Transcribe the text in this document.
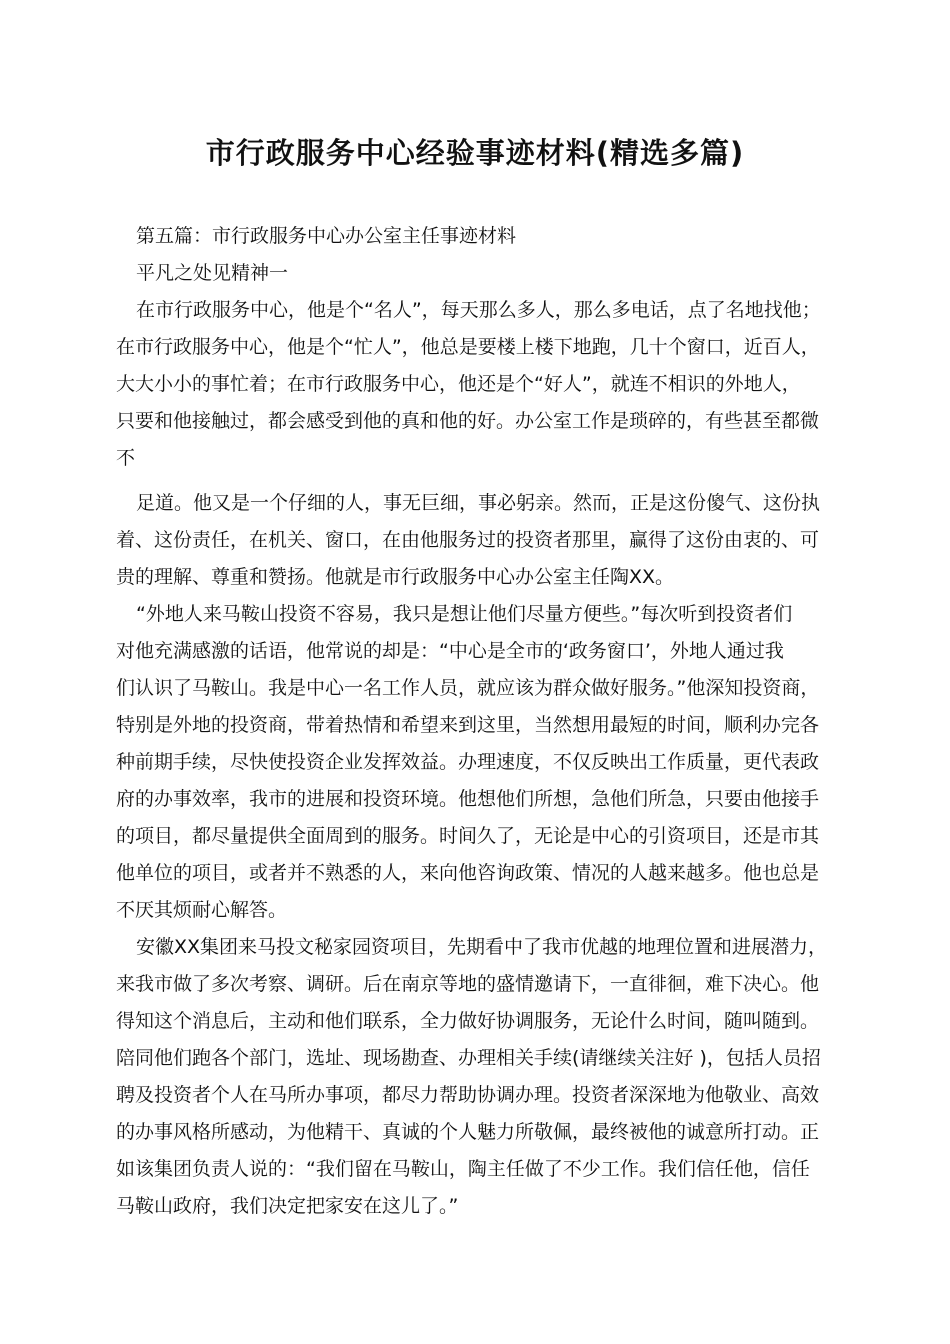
市行政服务中心经验事迹材料(精选多篇)

第五篇：市行政服务中心办公室主任事迹材料

平凡之处见精神一

在市行政服务中心，他是个“名人”，每天那么多人，那么多电话，点了名地找他；

在市行政服务中心，他是个“忙人”，他总是要楼上楼下地跑，几十个窗口，近百人，

大大小小的事忙着；在市行政服务中心，他还是个“好人”，就连不相识的外地人，

只要和他接触过，都会感受到他的真和他的好。办公室工作是琐碎的，有些甚至都微

不

足道。他又是一个仔细的人，事无巨细，事必躬亲。然而，正是这份傻气、这份执

着、这份责任，在机关、窗口，在由他服务过的投资者那里，赢得了这份由衷的、可

贵的理解、尊重和赞扬。他就是市行政服务中心办公室主任陶XX。

“外地人来马鞍山投资不容易，我只是想让他们尽量方便些。”每次听到投资者们

对他充满感激的话语，他常说的却是：“中心是全市的‘政务窗口’，外地人通过我

们认识了马鞍山。我是中心一名工作人员，就应该为群众做好服务。”他深知投资商，

特别是外地的投资商，带着热情和希望来到这里，当然想用最短的时间，顺利办完各

种前期手续，尽快使投资企业发挥效益。办理速度，不仅反映出工作质量，更代表政

府的办事效率，我市的进展和投资环境。他想他们所想，急他们所急，只要由他接手

的项目，都尽量提供全面周到的服务。时间久了，无论是中心的引资项目，还是市其

他单位的项目，或者并不熟悉的人，来向他咨询政策、情况的人越来越多。他也总是

不厌其烦耐心解答。

安徽XX集团来马投文秘家园资项目，先期看中了我市优越的地理位置和进展潜力，

来我市做了多次考察、调研。后在南京等地的盛情邀请下，一直徘徊，难下决心。他

得知这个消息后，主动和他们联系，全力做好协调服务，无论什么时间，随叫随到。

陪同他们跑各个部门，选址、现场勘查、办理相关手续(请继续关注好 )，包括人员招

聘及投资者个人在马所办事项，都尽力帮助协调办理。投资者深深地为他敬业、高效

的办事风格所感动，为他精干、真诚的个人魅力所敬佩，最终被他的诚意所打动。正

如该集团负责人说的：“我们留在马鞍山，陶主任做了不少工作。我们信任他，信任

马鞍山政府，我们决定把家安在这儿了。”
